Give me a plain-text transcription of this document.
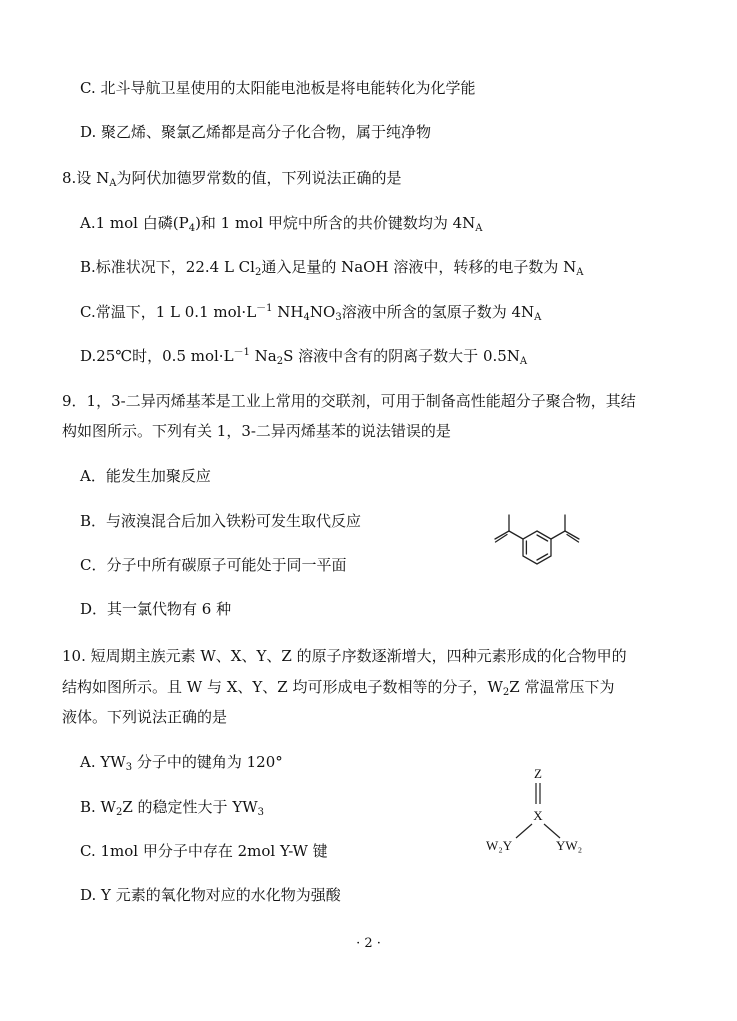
C. 北斗导航卫星使用的太阳能电池板是将电能转化为化学能
D. 聚乙烯、聚氯乙烯都是高分子化合物，属于纯净物
8.设 $N_A$为阿伏加德罗常数的值，下列说法正确的是
A.1 mol 白磷$(P_4)$和 1 mol 甲烷中所含的共价键数均为 $4N_A$
B.标准状况下，22.4 L $Cl_2$通入足量的 NaOH 溶液中，转移的电子数为 $N_A$
C.常温下，1 L 0.1 $mol\cdot L^{-1}$ $NH_4NO_3$溶液中所含的氢原子数为 $4N_A$
D.25℃时，0.5 $mol\cdot L^{-1}$ $Na_2S$ 溶液中含有的阴离子数大于 $0.5N_A$
9．1，3-二异丙烯基苯是工业上常用的交联剂，可用于制备高性能超分子聚合物，其结
构如图所示。下列有关 1，3-二异丙烯基苯的说法错误的是
A．能发生加聚反应
B．与液溴混合后加入铁粉可发生取代反应
C．分子中所有碳原子可能处于同一平面
D．其一氯代物有 6 种
10. 短周期主族元素 W、X、Y、Z 的原子序数逐渐增大，四种元素形成的化合物甲的
结构如图所示。且 W 与 X、Y、Z 均可形成电子数相等的分子，$W_2Z$ 常温常压下为
液体。下列说法正确的是
A. $YW_3$ 分子中的键角为 120°
B. $W_2Z$ 的稳定性大于 $YW_3$
C. 1mol 甲分子中存在 2mol Y-W 键
D. Y 元素的氧化物对应的水化物为强酸
Z
X
W₂Y	YW₂
· 2 ·
